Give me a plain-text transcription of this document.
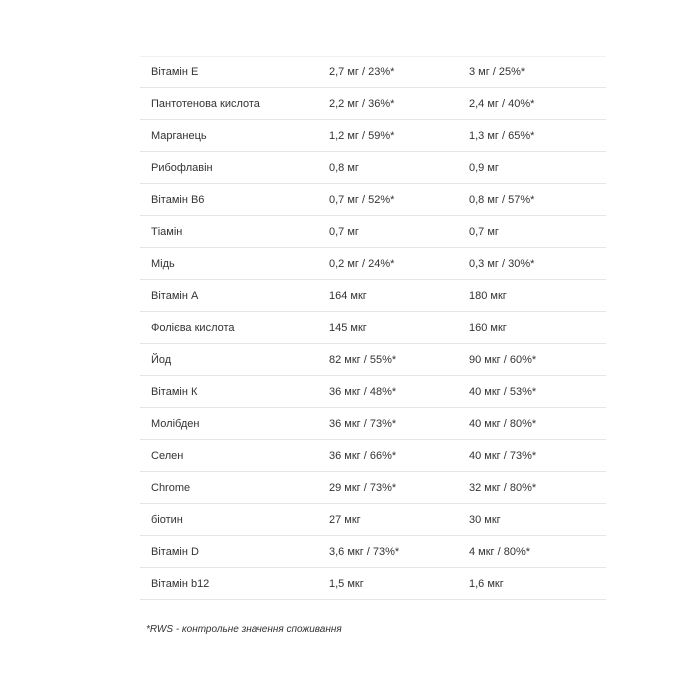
Вітамін Е	2,7 мг / 23%*	3 мг / 25%*
Пантотенова кислота	2,2 мг / 36%*	2,4 мг / 40%*
Марганець	1,2 мг / 59%*	1,3 мг / 65%*
Рибофлавін	0,8 мг	0,9 мг
Вітамін В6	0,7 мг / 52%*	0,8 мг / 57%*
Тіамін	0,7 мг	0,7 мг
Мідь	0,2 мг / 24%*	0,3 мг / 30%*
Вітамін А	164 мкг	180 мкг
Фолієва кислота	145 мкг	160 мкг
Йод	82 мкг / 55%*	90 мкг / 60%*
Вітамін К	36 мкг / 48%*	40 мкг / 53%*
Молібден	36 мкг / 73%*	40 мкг / 80%*
Селен	36 мкг / 66%*	40 мкг / 73%*
Chrome	29 мкг / 73%*	32 мкг / 80%*
біотин	27 мкг	30 мкг
Вітамін D	3,6 мкг / 73%*	4 мкг / 80%*
Вітамін b12	1,5 мкг	1,6 мкг
*RWS - контрольне значення споживання
